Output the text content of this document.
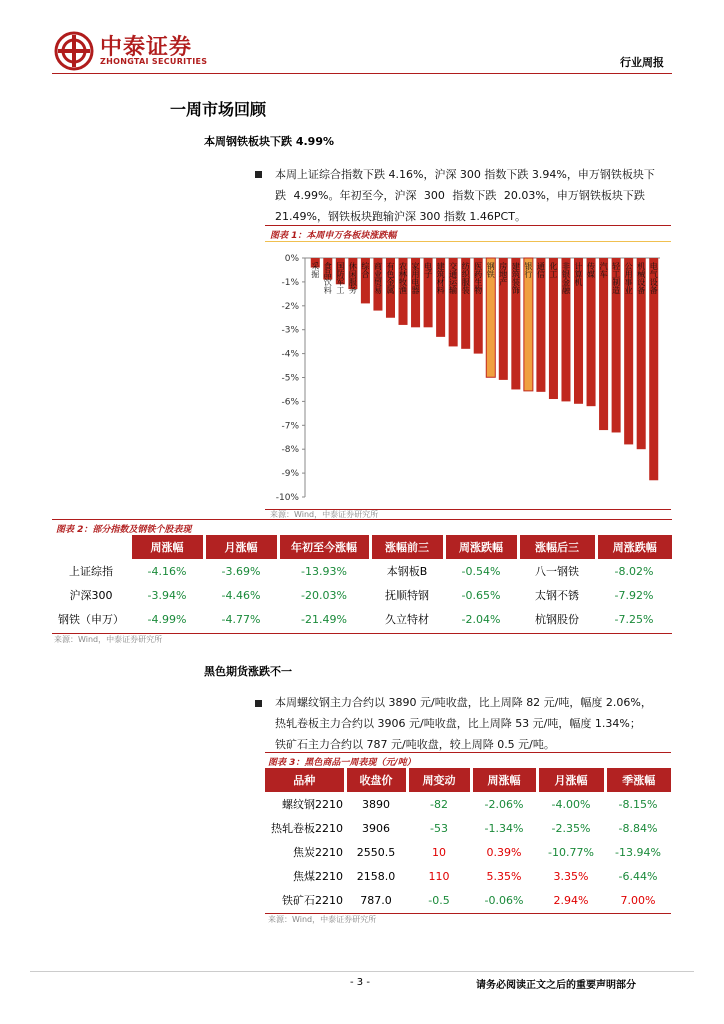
中泰证券
ZHONGTAI SECURITIES	行业周报
一周市场回顾
本周钢铁板块下跌 4.99%
本周上证综合指数下跌 4.16%，沪深 300 指数下跌 3.94%，申万钢铁板块下
跌 4.99%。年初至今，沪深 300 指数下跌 20.03%，申万钢铁板块下跌
21.49%，钢铁板块跑输沪深 300 指数 1.46PCT。
图表 1：本周申万各板块涨跌幅
0%
-1%
-2%
-3%
-4%
-5%
-6%
-7%
-8%
-9%
-10%
采掘 食品饮料 国防军工 休闲服务 综合 商业贸易 有色金属 农林牧渔 家用电器 电子 建筑材料 交通运输 纺织服装 医药生物 钢铁 房地产 建筑装饰 银行 通信 化工 非银金融 计算机 传媒 汽车 轻工制造 公用事业 机械设备 电气设备
来源：Wind，中泰证券研究所
图表 2：部分指数及钢铁个股表现
	周涨幅	月涨幅	年初至今涨幅	涨幅前三	周涨跌幅	涨幅后三	周涨跌幅
上证综指	-4.16%	-3.69%	-13.93%	本钢板B	-0.54%	八一钢铁	-8.02%
沪深300	-3.94%	-4.46%	-20.03%	抚顺特钢	-0.65%	太钢不锈	-7.92%
钢铁（申万）	-4.99%	-4.77%	-21.49%	久立特材	-2.04%	杭钢股份	-7.25%
来源：Wind，中泰证券研究所
黑色期货涨跌不一
本周螺纹钢主力合约以 3890 元/吨收盘，比上周降 82 元/吨，幅度 2.06%，
热轧卷板主力合约以 3906 元/吨收盘，比上周降 53 元/吨，幅度 1.34%；
铁矿石主力合约以 787 元/吨收盘，较上周降 0.5 元/吨。
图表 3：黑色商品一周表现（元/吨）
品种	收盘价	周变动	周涨幅	月涨幅	季涨幅
螺纹钢2210	3890	-82	-2.06%	-4.00%	-8.15%
热轧卷板2210	3906	-53	-1.34%	-2.35%	-8.84%
焦炭2210	2550.5	10	0.39%	-10.77%	-13.94%
焦煤2210	2158.0	110	5.35%	3.35%	-6.44%
铁矿石2210	787.0	-0.5	-0.06%	2.94%	7.00%
来源：Wind，中泰证券研究所
- 3 -	请务必阅读正文之后的重要声明部分
